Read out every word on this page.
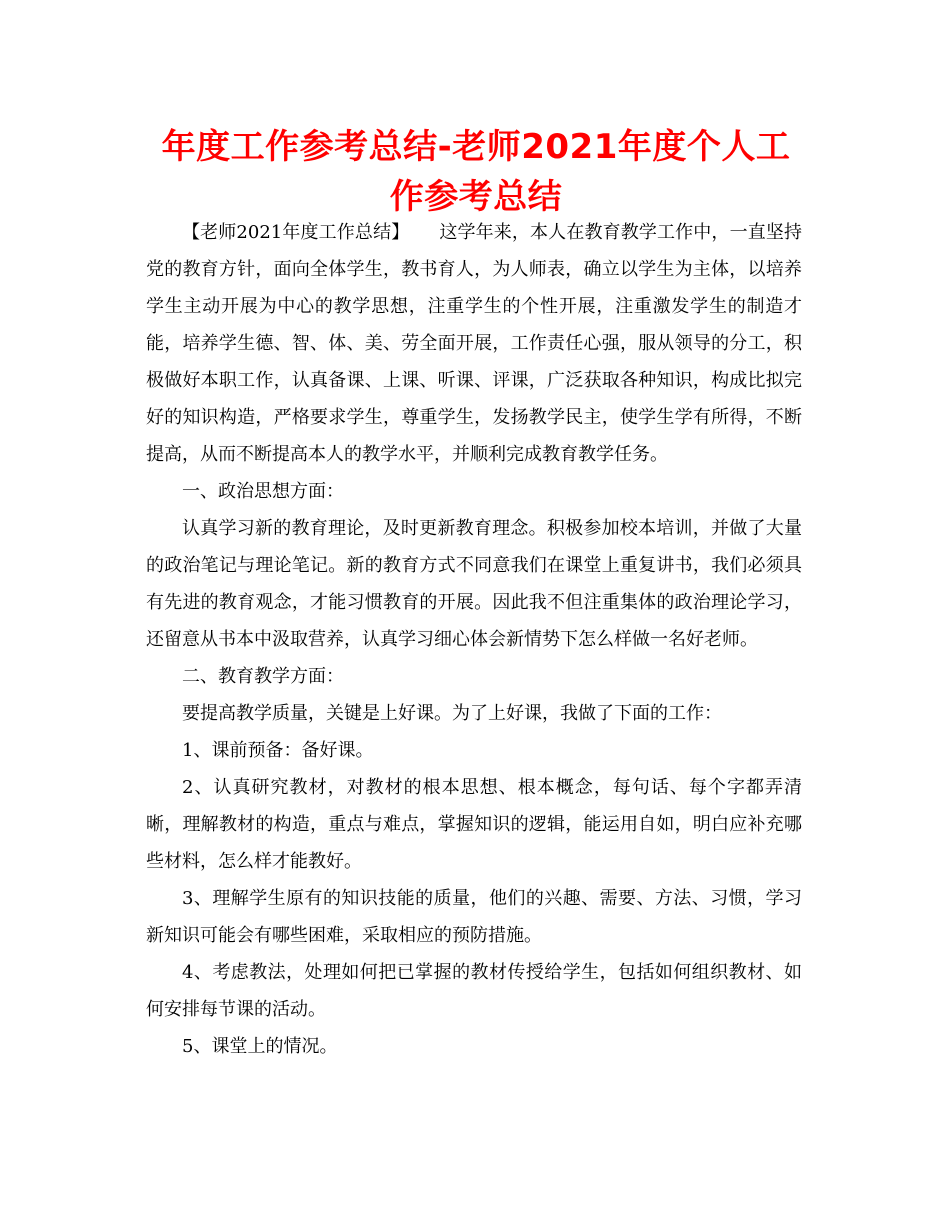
年度工作参考总结-老师2021年度个人工作参考总结

【老师2021年度工作总结】 这学年来，本人在教育教学工作中，一直坚持党的教育方针，面向全体学生，教书育人，为人师表，确立以学生为主体，以培养学生主动开展为中心的教学思想，注重学生的个性开展，注重激发学生的制造才能，培养学生德、智、体、美、劳全面开展，工作责任心强，服从领导的分工，积极做好本职工作，认真备课、上课、听课、评课，广泛获取各种知识，构成比拟完好的知识构造，严格要求学生，尊重学生，发扬教学民主，使学生学有所得，不断提高，从而不断提高本人的教学水平，并顺利完成教育教学任务。

一、政治思想方面：

认真学习新的教育理论，及时更新教育理念。积极参加校本培训，并做了大量的政治笔记与理论笔记。新的教育方式不同意我们在课堂上重复讲书，我们必须具有先进的教育观念，才能习惯教育的开展。因此我不但注重集体的政治理论学习，还留意从书本中汲取营养，认真学习细心体会新情势下怎么样做一名好老师。

二、教育教学方面：

要提高教学质量，关键是上好课。为了上好课，我做了下面的工作：

1、课前预备：备好课。

2、认真研究教材，对教材的根本思想、根本概念，每句话、每个字都弄清晰，理解教材的构造，重点与难点，掌握知识的逻辑，能运用自如，明白应补充哪些材料，怎么样才能教好。

3、理解学生原有的知识技能的质量，他们的兴趣、需要、方法、习惯，学习新知识可能会有哪些困难，采取相应的预防措施。

4、考虑教法，处理如何把已掌握的教材传授给学生，包括如何组织教材、如何安排每节课的活动。

5、课堂上的情况。
